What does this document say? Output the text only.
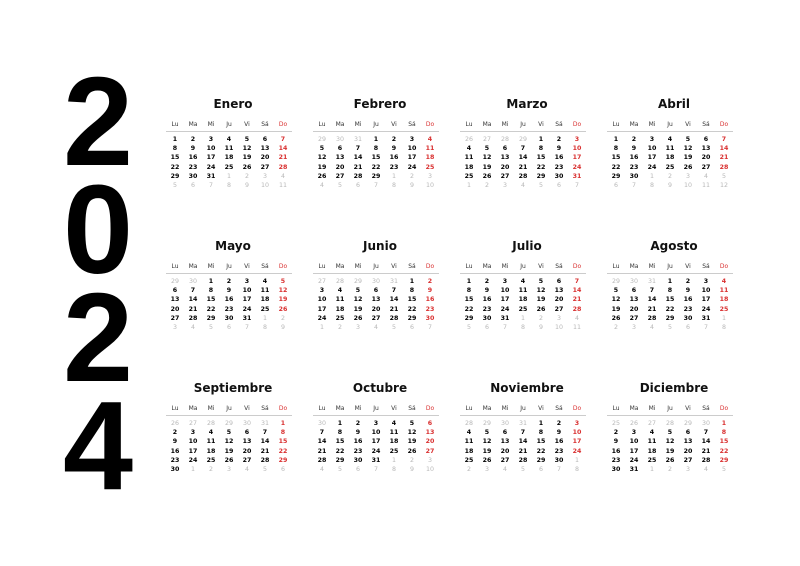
2
0
2
4
Enero
Lu	Ma	Mi	Ju	Vi	Sá	Do
1	2	3	4	5	6	7
8	9	10	11	12	13	14
15	16	17	18	19	20	21
22	23	24	25	26	27	28
29	30	31	1	2	3	4
5	6	7	8	9	10	11
Febrero
Lu	Ma	Mi	Ju	Vi	Sá	Do
29	30	31	1	2	3	4
5	6	7	8	9	10	11
12	13	14	15	16	17	18
19	20	21	22	23	24	25
26	27	28	29	1	2	3
4	5	6	7	8	9	10
Marzo
Lu	Ma	Mi	Ju	Vi	Sá	Do
26	27	28	29	1	2	3
4	5	6	7	8	9	10
11	12	13	14	15	16	17
18	19	20	21	22	23	24
25	26	27	28	29	30	31
1	2	3	4	5	6	7
Abril
Lu	Ma	Mi	Ju	Vi	Sá	Do
1	2	3	4	5	6	7
8	9	10	11	12	13	14
15	16	17	18	19	20	21
22	23	24	25	26	27	28
29	30	1	2	3	4	5
6	7	8	9	10	11	12
Mayo
Lu	Ma	Mi	Ju	Vi	Sá	Do
29	30	1	2	3	4	5
6	7	8	9	10	11	12
13	14	15	16	17	18	19
20	21	22	23	24	25	26
27	28	29	30	31	1	2
3	4	5	6	7	8	9
Junio
Lu	Ma	Mi	Ju	Vi	Sá	Do
27	28	29	30	31	1	2
3	4	5	6	7	8	9
10	11	12	13	14	15	16
17	18	19	20	21	22	23
24	25	26	27	28	29	30
1	2	3	4	5	6	7
Julio
Lu	Ma	Mi	Ju	Vi	Sá	Do
1	2	3	4	5	6	7
8	9	10	11	12	13	14
15	16	17	18	19	20	21
22	23	24	25	26	27	28
29	30	31	1	2	3	4
5	6	7	8	9	10	11
Agosto
Lu	Ma	Mi	Ju	Vi	Sá	Do
29	30	31	1	2	3	4
5	6	7	8	9	10	11
12	13	14	15	16	17	18
19	20	21	22	23	24	25
26	27	28	29	30	31	1
2	3	4	5	6	7	8
Septiembre
Lu	Ma	Mi	Ju	Vi	Sá	Do
26	27	28	29	30	31	1
2	3	4	5	6	7	8
9	10	11	12	13	14	15
16	17	18	19	20	21	22
23	24	25	26	27	28	29
30	1	2	3	4	5	6
Octubre
Lu	Ma	Mi	Ju	Vi	Sá	Do
30	1	2	3	4	5	6
7	8	9	10	11	12	13
14	15	16	17	18	19	20
21	22	23	24	25	26	27
28	29	30	31	1	2	3
4	5	6	7	8	9	10
Noviembre
Lu	Ma	Mi	Ju	Vi	Sá	Do
28	29	30	31	1	2	3
4	5	6	7	8	9	10
11	12	13	14	15	16	17
18	19	20	21	22	23	24
25	26	27	28	29	30	1
2	3	4	5	6	7	8
Diciembre
Lu	Ma	Mi	Ju	Vi	Sá	Do
25	26	27	28	29	30	1
2	3	4	5	6	7	8
9	10	11	12	13	14	15
16	17	18	19	20	21	22
23	24	25	26	27	28	29
30	31	1	2	3	4	5
